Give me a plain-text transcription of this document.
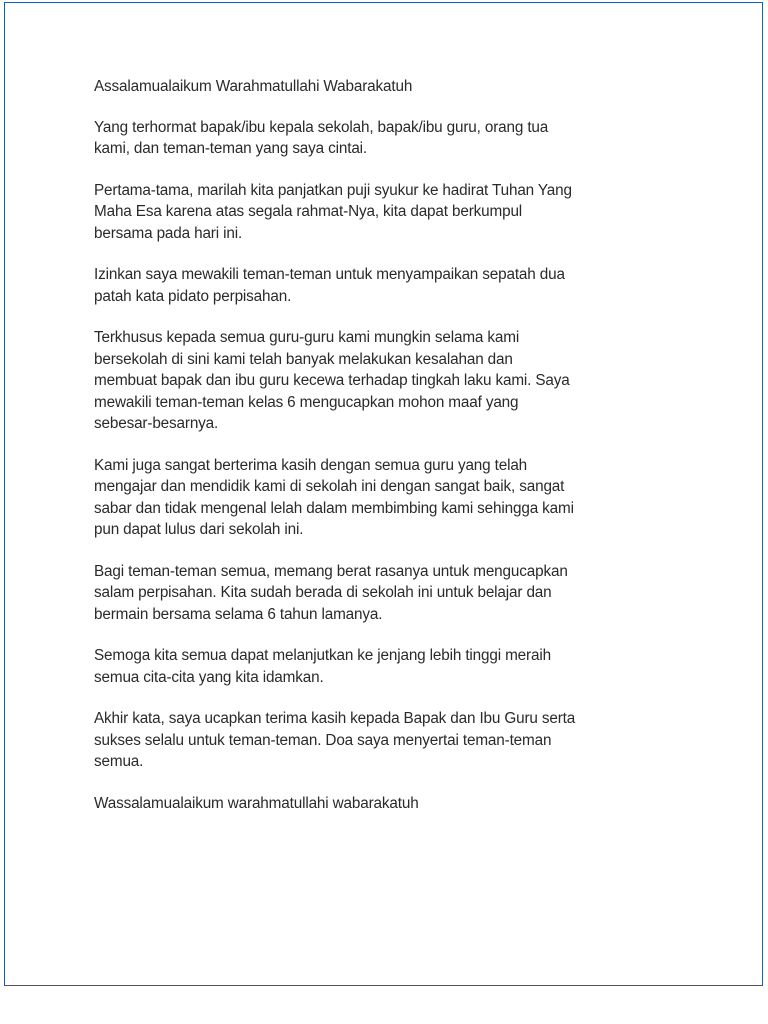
Assalamualaikum Warahmatullahi Wabarakatuh

Yang terhormat bapak/ibu kepala sekolah, bapak/ibu guru, orang tua
kami, dan teman-teman yang saya cintai.

Pertama-tama, marilah kita panjatkan puji syukur ke hadirat Tuhan Yang
Maha Esa karena atas segala rahmat-Nya, kita dapat berkumpul
bersama pada hari ini.

Izinkan saya mewakili teman-teman untuk menyampaikan sepatah dua
patah kata pidato perpisahan.

Terkhusus kepada semua guru-guru kami mungkin selama kami
bersekolah di sini kami telah banyak melakukan kesalahan dan
membuat bapak dan ibu guru kecewa terhadap tingkah laku kami. Saya
mewakili teman-teman kelas 6 mengucapkan mohon maaf yang
sebesar-besarnya.

Kami juga sangat berterima kasih dengan semua guru yang telah
mengajar dan mendidik kami di sekolah ini dengan sangat baik, sangat
sabar dan tidak mengenal lelah dalam membimbing kami sehingga kami
pun dapat lulus dari sekolah ini.

Bagi teman-teman semua, memang berat rasanya untuk mengucapkan
salam perpisahan. Kita sudah berada di sekolah ini untuk belajar dan
bermain bersama selama 6 tahun lamanya.

Semoga kita semua dapat melanjutkan ke jenjang lebih tinggi meraih
semua cita-cita yang kita idamkan.

Akhir kata, saya ucapkan terima kasih kepada Bapak dan Ibu Guru serta
sukses selalu untuk teman-teman. Doa saya menyertai teman-teman
semua.

Wassalamualaikum warahmatullahi wabarakatuh
